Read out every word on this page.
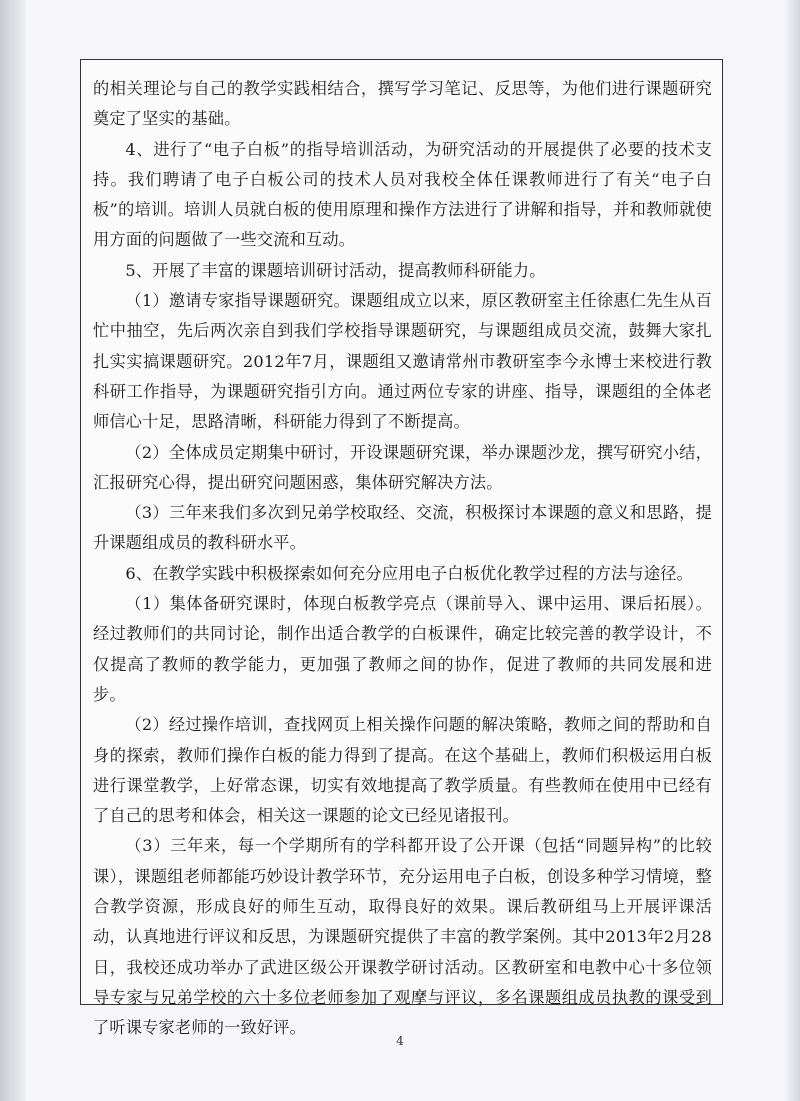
的相关理论与自己的教学实践相结合，撰写学习笔记、反思等，为他们进行课题研究奠定了坚实的基础。

4、进行了“电子白板”的指导培训活动，为研究活动的开展提供了必要的技术支持。我们聘请了电子白板公司的技术人员对我校全体任课教师进行了有关“电子白板”的培训。培训人员就白板的使用原理和操作方法进行了讲解和指导，并和教师就使用方面的问题做了一些交流和互动。

5、开展了丰富的课题培训研讨活动，提高教师科研能力。

（1）邀请专家指导课题研究。课题组成立以来，原区教研室主任徐惠仁先生从百忙中抽空，先后两次亲自到我们学校指导课题研究，与课题组成员交流，鼓舞大家扎扎实实搞课题研究。2012年7月，课题组又邀请常州市教研室李今永博士来校进行教科研工作指导，为课题研究指引方向。通过两位专家的讲座、指导，课题组的全体老师信心十足，思路清晰，科研能力得到了不断提高。

（2）全体成员定期集中研讨，开设课题研究课，举办课题沙龙，撰写研究小结，汇报研究心得，提出研究问题困惑，集体研究解决方法。

（3）三年来我们多次到兄弟学校取经、交流，积极探讨本课题的意义和思路，提升课题组成员的教科研水平。

6、在教学实践中积极探索如何充分应用电子白板优化教学过程的方法与途径。

（1）集体备研究课时，体现白板教学亮点（课前导入、课中运用、课后拓展）。经过教师们的共同讨论，制作出适合教学的白板课件，确定比较完善的教学设计，不仅提高了教师的教学能力，更加强了教师之间的协作，促进了教师的共同发展和进步。

（2）经过操作培训，查找网页上相关操作问题的解决策略，教师之间的帮助和自身的探索，教师们操作白板的能力得到了提高。在这个基础上，教师们积极运用白板进行课堂教学，上好常态课，切实有效地提高了教学质量。有些教师在使用中已经有了自己的思考和体会，相关这一课题的论文已经见诸报刊。

（3）三年来，每一个学期所有的学科都开设了公开课（包括“同题异构”的比较课），课题组老师都能巧妙设计教学环节，充分运用电子白板，创设多种学习情境，整合教学资源，形成良好的师生互动，取得良好的效果。课后教研组马上开展评课活动，认真地进行评议和反思，为课题研究提供了丰富的教学案例。其中2013年2月28日，我校还成功举办了武进区级公开课教学研讨活动。区教研室和电教中心十多位领导专家与兄弟学校的六十多位老师参加了观摩与评议，多名课题组成员执教的课受到了听课专家老师的一致好评。

4
